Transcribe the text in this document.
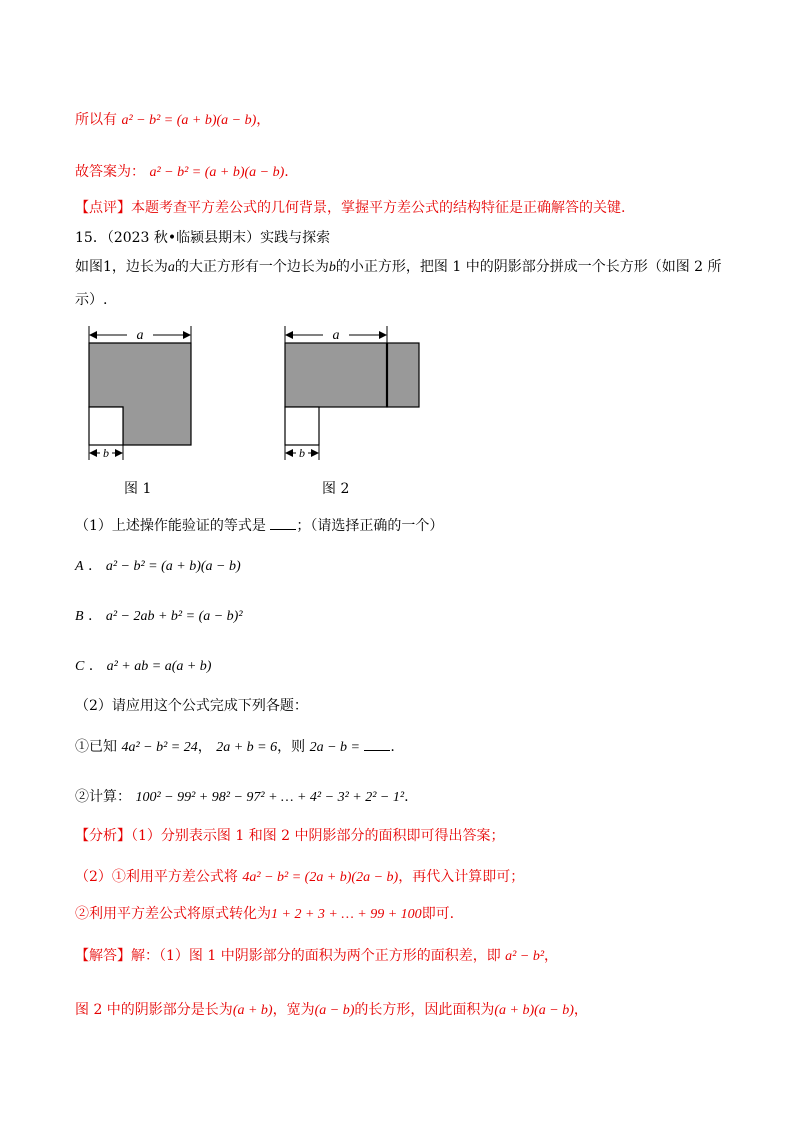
所以有 a² − b² = (a + b)(a − b)，
故答案为： a² − b² = (a + b)(a − b).
【点评】本题考查平方差公式的几何背景，掌握平方差公式的结构特征是正确解答的关键.
15．（2023 秋•临颍县期末）实践与探索
如图1，边长为a的大正方形有一个边长为b的小正方形，把图 1 中的阴影部分拼成一个长方形（如图 2 所
示）.
a
b
图 1
a
b
图 2
（1）上述操作能验证的等式是 ；（请选择正确的一个）
A .   a² − b² = (a + b)(a − b)
B .   a² − 2ab + b² = (a − b)²
C .   a² + ab = a(a + b)
（2）请应用这个公式完成下列各题：
①已知 4a² − b² = 24， 2a + b = 6，则 2a − b = .
②计算： 100² − 99² + 98² − 97² + … + 4² − 3² + 2² − 1².
【分析】（1）分别表示图 1 和图 2 中阴影部分的面积即可得出答案；
（2）①利用平方差公式将 4a² − b² = (2a + b)(2a − b)，再代入计算即可；
②利用平方差公式将原式转化为1 + 2 + 3 + … + 99 + 100即可.
【解答】解：（1）图 1 中阴影部分的面积为两个正方形的面积差，即 a² − b²，
图 2 中的阴影部分是长为(a + b)，宽为(a − b)的长方形，因此面积为(a + b)(a − b)，
